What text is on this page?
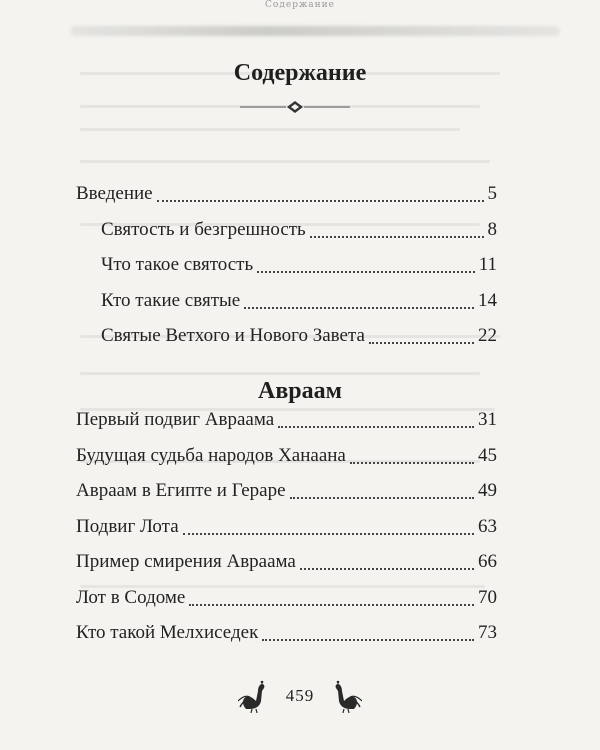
Содержание
Содержание
Авраам
Введение	5
Святость и безгрешность	8
Что такое святость	11
Кто такие святые	14
Святые Ветхого и Нового Завета	22
Первый подвиг Авраама	31
Будущая судьба народов Ханаана	45
Авраам в Египте и Гераре	49
Подвиг Лота	63
Пример смирения Авраама	66
Лот в Содоме	70
Кто такой Мелхиседек	73
459
